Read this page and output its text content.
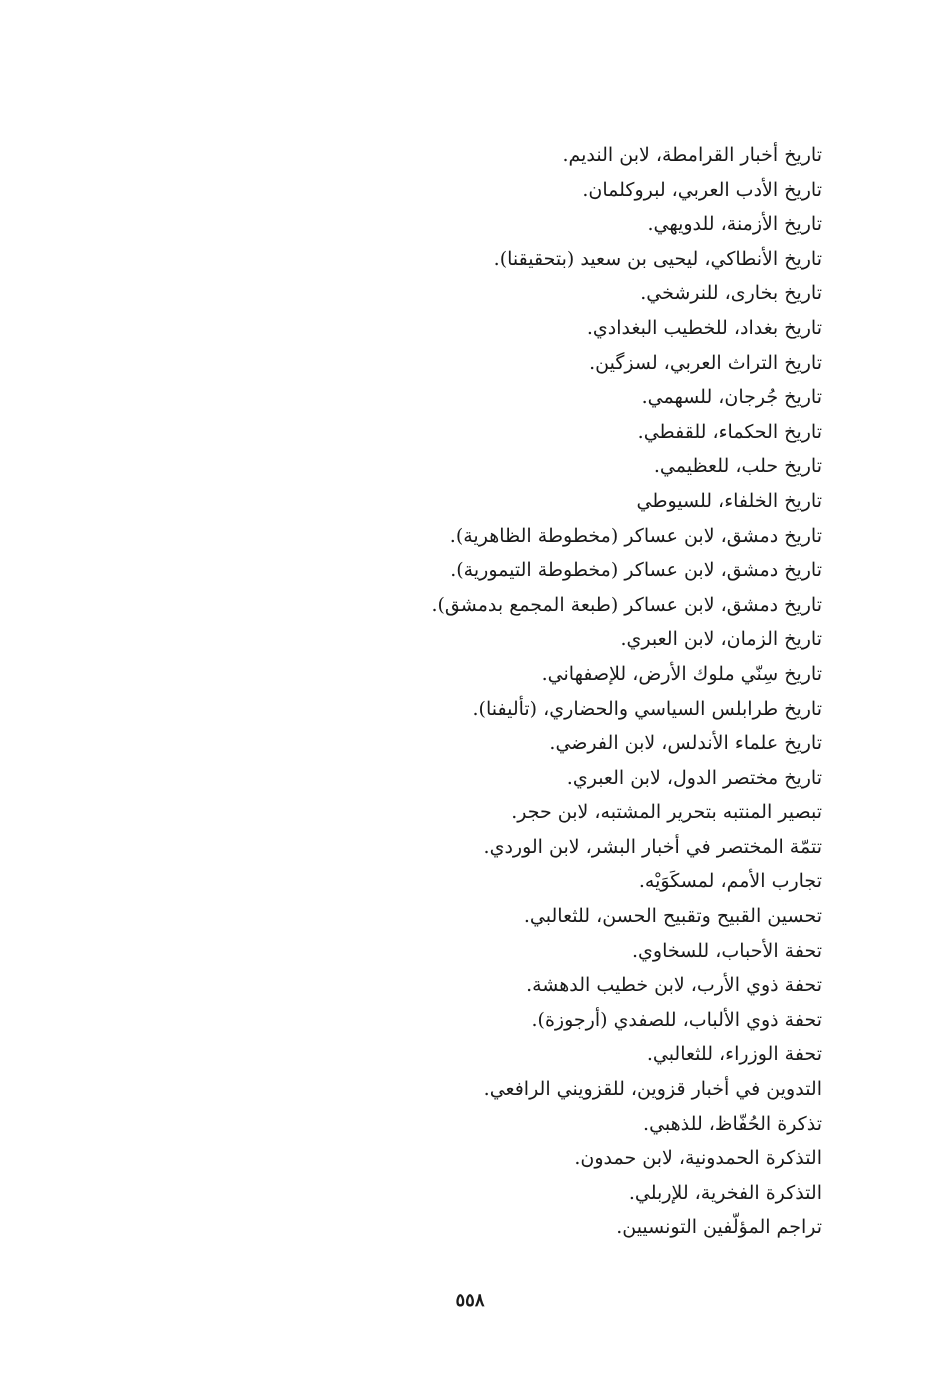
تاريخ أخبار القرامطة، لابن النديم.
تاريخ الأدب العربي، لبروكلمان.
تاريخ الأزمنة، للدويهي.
تاريخ الأنطاكي، ليحيى بن سعيد (بتحقيقنا).
تاريخ بخارى، للنرشخي.
تاريخ بغداد، للخطيب البغدادي.
تاريخ التراث العربي، لسزگين.
تاريخ جُرجان، للسهمي.
تاريخ الحكماء، للقفطي.
تاريخ حلب، للعظيمي.
تاريخ الخلفاء، للسيوطي
تاريخ دمشق، لابن عساكر (مخطوطة الظاهرية).
تاريخ دمشق، لابن عساكر (مخطوطة التيمورية).
تاريخ دمشق، لابن عساكر (طبعة المجمع بدمشق).
تاريخ الزمان، لابن العبري.
تاريخ سِنّي ملوك الأرض، للإصفهاني.
تاريخ طرابلس السياسي والحضاري، (تأليفنا).
تاريخ علماء الأندلس، لابن الفرضي.
تاريخ مختصر الدول، لابن العبري.
تبصير المنتبه بتحرير المشتبه، لابن حجر.
تتمّة المختصر في أخبار البشر، لابن الوردي.
تجارب الأمم، لمسكَوَيْه.
تحسين القبيح وتقبيح الحسن، للثعالبي.
تحفة الأحباب، للسخاوي.
تحفة ذوي الأرب، لابن خطيب الدهشة.
تحفة ذوي الألباب، للصفدي (أرجوزة).
تحفة الوزراء، للثعالبي.
التدوين في أخبار قزوين، للقزويني الرافعي.
تذكرة الحُفّاظ، للذهبي.
التذكرة الحمدونية، لابن حمدون.
التذكرة الفخرية، للإربلي.
تراجم المؤلّفين التونسيين.
٥٥٨
